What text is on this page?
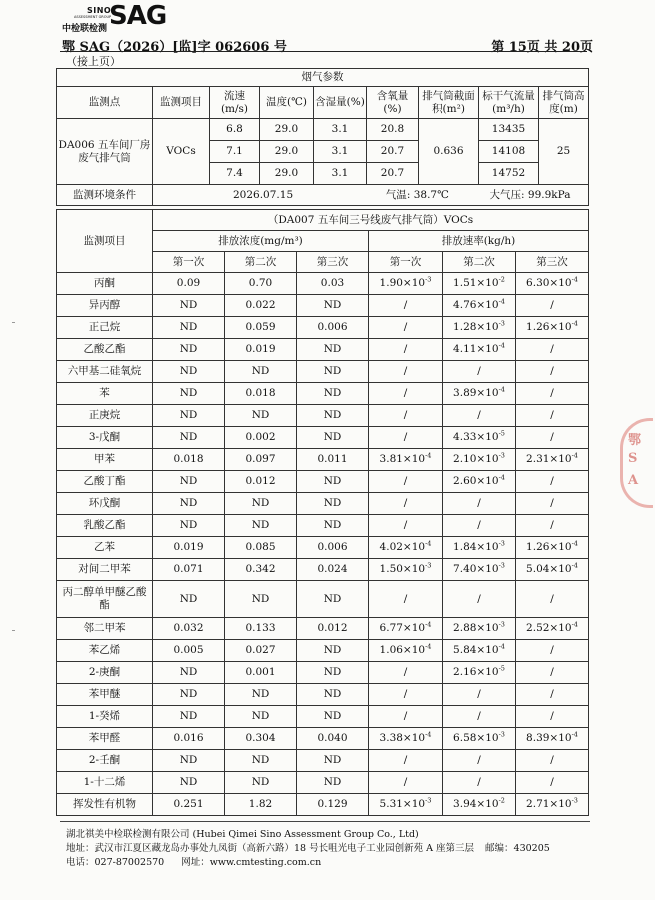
SINO
ASSESSMENT GROUP
中检联检测 SAG
鄂 SAG（2026）[监]字 062606 号	第 15页 共 20页
（接上页）
烟气参数								
监测点	监测项目	流速(m/s)	温度(℃)	含湿量(%)	含氧量(%)	排气筒截面积(m²)	标干气流量(m³/h)	排气筒高度(m)
DA006 五车间厂房废气排气筒	VOCs	6.8	29.0	3.1	20.8	0.636	13435	25
		7.1	29.0	3.1	20.7		14108	
		7.4	29.0	3.1	20.7		14752	
监测环境条件	2026.07.15 气温: 38.7℃ 大气压: 99.9kPa							
监测项目	（DA007 五车间三号线废气排气筒）VOCs					
	排放浓度(mg/m³)			排放速率(kg/h)		
	第一次	第二次	第三次	第一次	第二次	第三次
丙酮	0.09	0.70	0.03	$1.90\times 10^{-3}$	$1.51\times 10^{-2}$	$6.30\times 10^{-4}$
异丙醇	ND	0.022	ND	/	$4.76\times 10^{-4}$	/
正己烷	ND	0.059	0.006	/	$1.28\times 10^{-3}$	$1.26\times 10^{-4}$
乙酸乙酯	ND	0.019	ND	/	$4.11\times 10^{-4}$	/
六甲基二硅氧烷	ND	ND	ND	/	/	/
苯	ND	0.018	ND	/	$3.89\times 10^{-4}$	/
正庚烷	ND	ND	ND	/	/	/
3-戊酮	ND	0.002	ND	/	$4.33\times 10^{-5}$	/
甲苯	0.018	0.097	0.011	$3.81\times 10^{-4}$	$2.10\times 10^{-3}$	$2.31\times 10^{-4}$
乙酸丁酯	ND	0.012	ND	/	$2.60\times 10^{-4}$	/
环戊酮	ND	ND	ND	/	/	/
乳酸乙酯	ND	ND	ND	/	/	/
乙苯	0.019	0.085	0.006	$4.02\times 10^{-4}$	$1.84\times 10^{-3}$	$1.26\times 10^{-4}$
对间二甲苯	0.071	0.342	0.024	$1.50\times 10^{-3}$	$7.40\times 10^{-3}$	$5.04\times 10^{-4}$
丙二醇单甲醚乙酸酯	ND	ND	ND	/	/	/
邻二甲苯	0.032	0.133	0.012	$6.77\times 10^{-4}$	$2.88\times 10^{-3}$	$2.52\times 10^{-4}$
苯乙烯	0.005	0.027	ND	$1.06\times 10^{-4}$	$5.84\times 10^{-4}$	/
2-庚酮	ND	0.001	ND	/	$2.16\times 10^{-5}$	/
苯甲醚	ND	ND	ND	/	/	/
1-癸烯	ND	ND	ND	/	/	/
苯甲醛	0.016	0.304	0.040	$3.38\times 10^{-4}$	$6.58\times 10^{-3}$	$8.39\times 10^{-4}$
2-壬酮	ND	ND	ND	/	/	/
1-十二烯	ND	ND	ND	/	/	/
挥发性有机物	0.251	1.82	0.129	$5.31\times 10^{-3}$	$3.94\times 10^{-2}$	$2.71\times 10^{-3}$
湖北祺美中检联检测有限公司 (Hubei Qimei Sino Assessment Group Co., Ltd)
地址：武汉市江夏区藏龙岛办事处九凤街（高新六路）18 号长咀光电子工业园创新苑 A 座第三层 邮编：430205
电话：027-87002570 网址：www.cmtesting.com.cn
鄂
S
A
